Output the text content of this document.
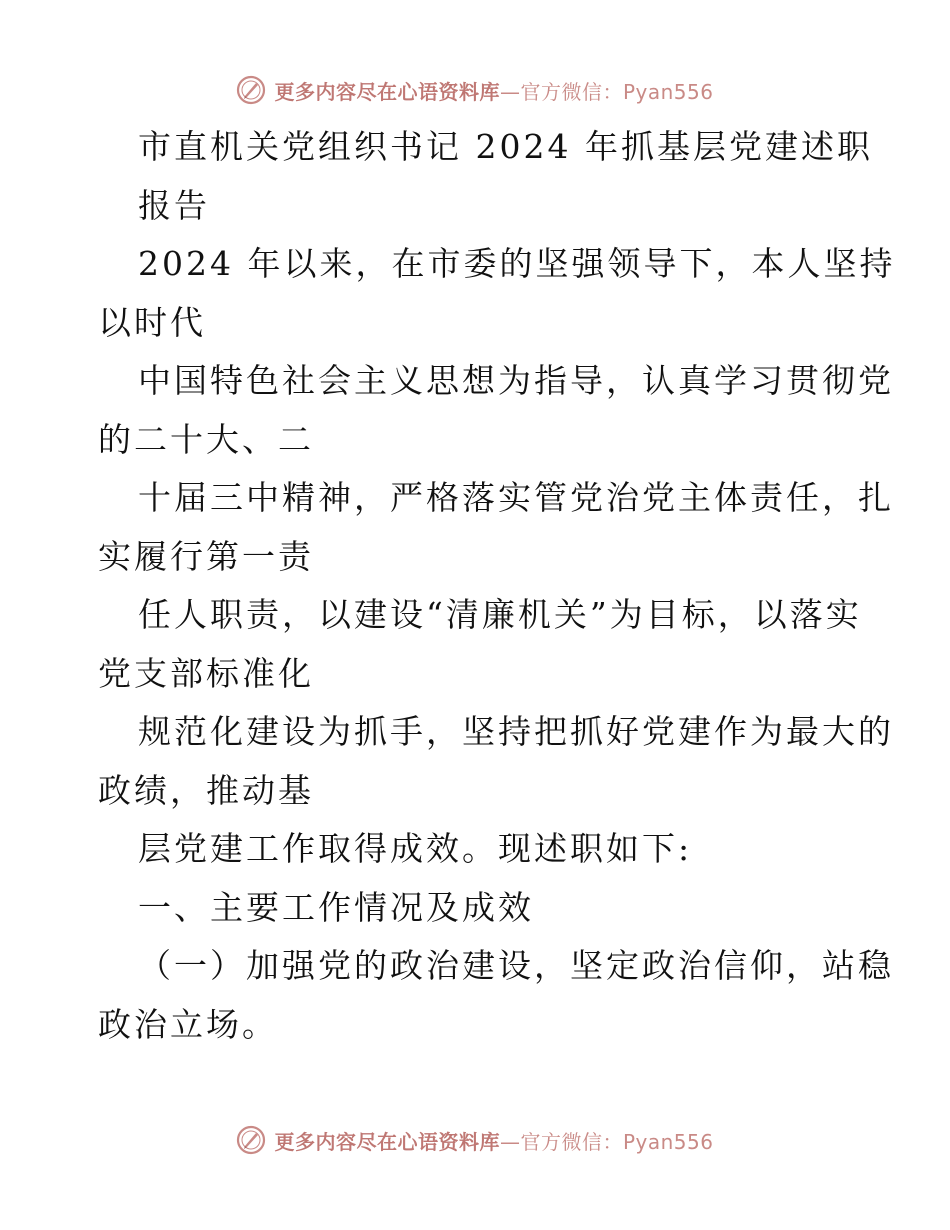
更多内容尽在心语资料库—官方微信：Pyan556
市直机关党组织书记 2024 年抓基层党建述职
报告
2024 年以来，在市委的坚强领导下，本人坚持
以时代
中国特色社会主义思想为指导，认真学习贯彻党
的二十大、二
十届三中精神，严格落实管党治党主体责任，扎
实履行第一责
任人职责，以建设“清廉机关”为目标，以落实
党支部标准化
规范化建设为抓手，坚持把抓好党建作为最大的
政绩，推动基
层党建工作取得成效。现述职如下:
一、主要工作情况及成效
（一）加强党的政治建设，坚定政治信仰，站稳
政治立场。
更多内容尽在心语资料库—官方微信：Pyan556
